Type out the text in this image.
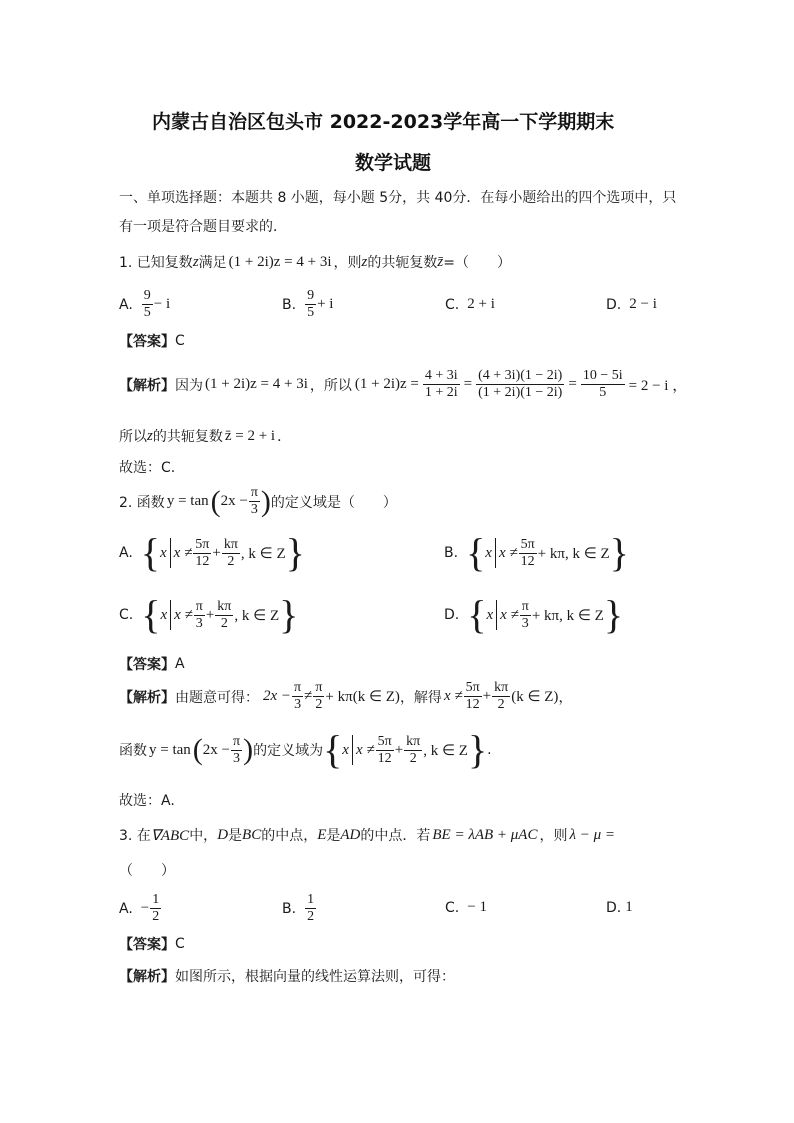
内蒙古自治区包头市 2022-2023学年高一下学期期末
数学试题
一、单项选择题：本题共 8 小题，每小题 5分，共 40分．在每小题给出的四个选项中，只
有一项是符合题目要求的．
1. 已知复数 z 满足 (1 + 2i)z = 4 + 3i ，则 z 的共轭复数 z̄ =（　　）
A. $\frac{9}{5} - i$	B. $\frac{9}{5} + i$	C. 2 + i	D. 2 − i
【答案】 C
【解析】 因为 (1 + 2i)z = 4 + 3i ，所以 $(1 + 2i)z = \frac{4 + 3i}{1 + 2i} = \frac{(4 + 3i)(1 - 2i)}{(1 + 2i)(1 - 2i)} = \frac{10 - 5i}{5} = 2 - i$ ，
所以 z 的共轭复数 z̄ = 2 + i ．
故选：C.
2. 函数 y = tan ( $2x - \frac{\pi}{3}$ ) 的定义域是（　　）
A. { x $x \ne \frac{5\pi}{12} + \frac{k\pi}{2}$ , k ∈ Z }	B. { x $x \ne \frac{5\pi}{12} + k\pi$, k ∈ Z }
C. { x $x \ne \frac{\pi}{3} + \frac{k\pi}{2}$ , k ∈ Z }	D. { x $x \ne \frac{\pi}{3} + k\pi$, k ∈ Z }
【答案】 A
【解析】 由题意可得： $2x - \frac{\pi}{3} \ne \frac{\pi}{2} + k\pi(k$ ∈ Z) ，解得 $x \ne \frac{5\pi}{12} + \frac{k\pi}{2} (k$ ∈ Z) ，
函数 y = tan ( $2x - \frac{\pi}{3}$ ) 的定义域为 { x $x \ne \frac{5\pi}{12} + \frac{k\pi}{2}$ , k ∈ Z } .
故选：A.
3. 在 ∇ABC 中， D 是 BC 的中点， E 是 AD 的中点．若 BE = λAB + μAC ，则 λ − μ =
（　　）
A. − $\frac{1}{2}$	B. $\frac{1}{2}$	C. − 1	D. 1
【答案】 C
【解析】 如图所示，根据向量的线性运算法则，可得：
